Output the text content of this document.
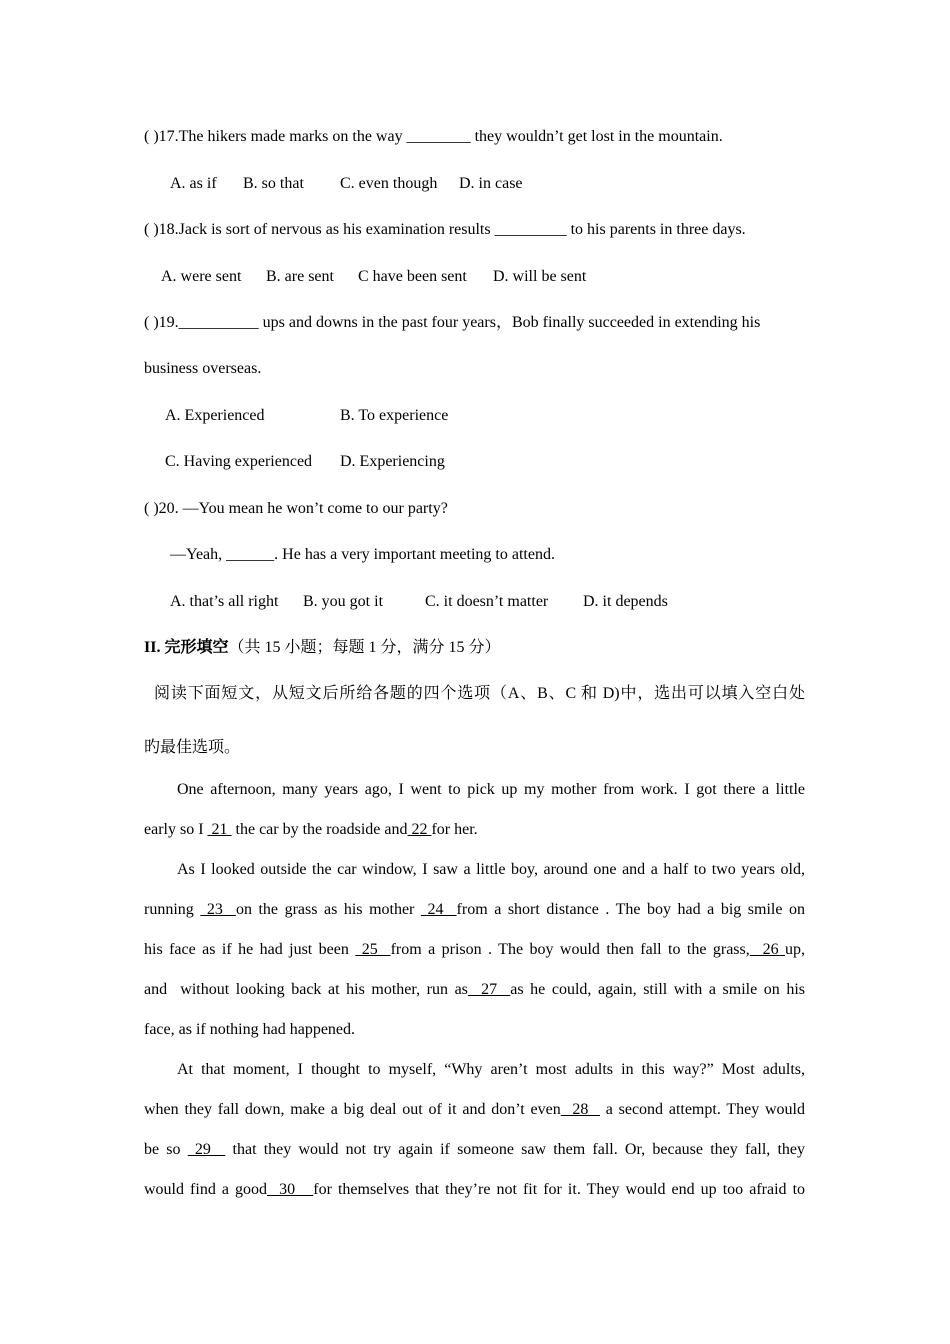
( )17.The hikers made marks on the way ________ they wouldn’t get lost in the mountain.
A. as if B. so that C. even though D. in case
( )18.Jack is sort of nervous as his examination results _________ to his parents in three days.
A. were sent B. are sent C have been sent D. will be sent
( )19.__________ ups and downs in the past four years，Bob finally succeeded in extending his
business overseas.
A. Experienced	B. To experience
C. Having experienced D. Experiencing
( )20. —You mean he won’t come to our party?
—Yeah, ______. He has a very important meeting to attend.
A. that’s all right B. you got it	C. it doesn’t matter D. it depends
II. 完形填空（共 15 小题；每题 1 分，满分 15 分）
阅读下面短文，从短文后所给各题的四个选项（A、B、C 和 D)中，选出可以填入空白处
旳最佳选项。
One afternoon, many years ago, I went to pick up my mother from work. I got there a little
early so I  21  the car by the roadside and 22 for her.
As I looked outside the car window, I saw a little boy, around one and a half to two years old,
running  23  on the grass as his mother  24  from a short distance . The boy had a big smile on
his face as if he had just been  25  from a prison . The boy would then fall to the grass,  26 up,
and  without looking back at his mother, run as  27  as he could, again, still with a smile on his
face, as if nothing had happened.
At that moment, I thought to myself, “Why aren’t most adults in this way?” Most adults,
when they fall down, make a big deal out of it and don’t even  28   a second attempt. They would
be so  29   that they would not try again if someone saw them fall. Or, because they fall, they
would find a good  30   for themselves that they’re not fit for it. They would end up too afraid to
